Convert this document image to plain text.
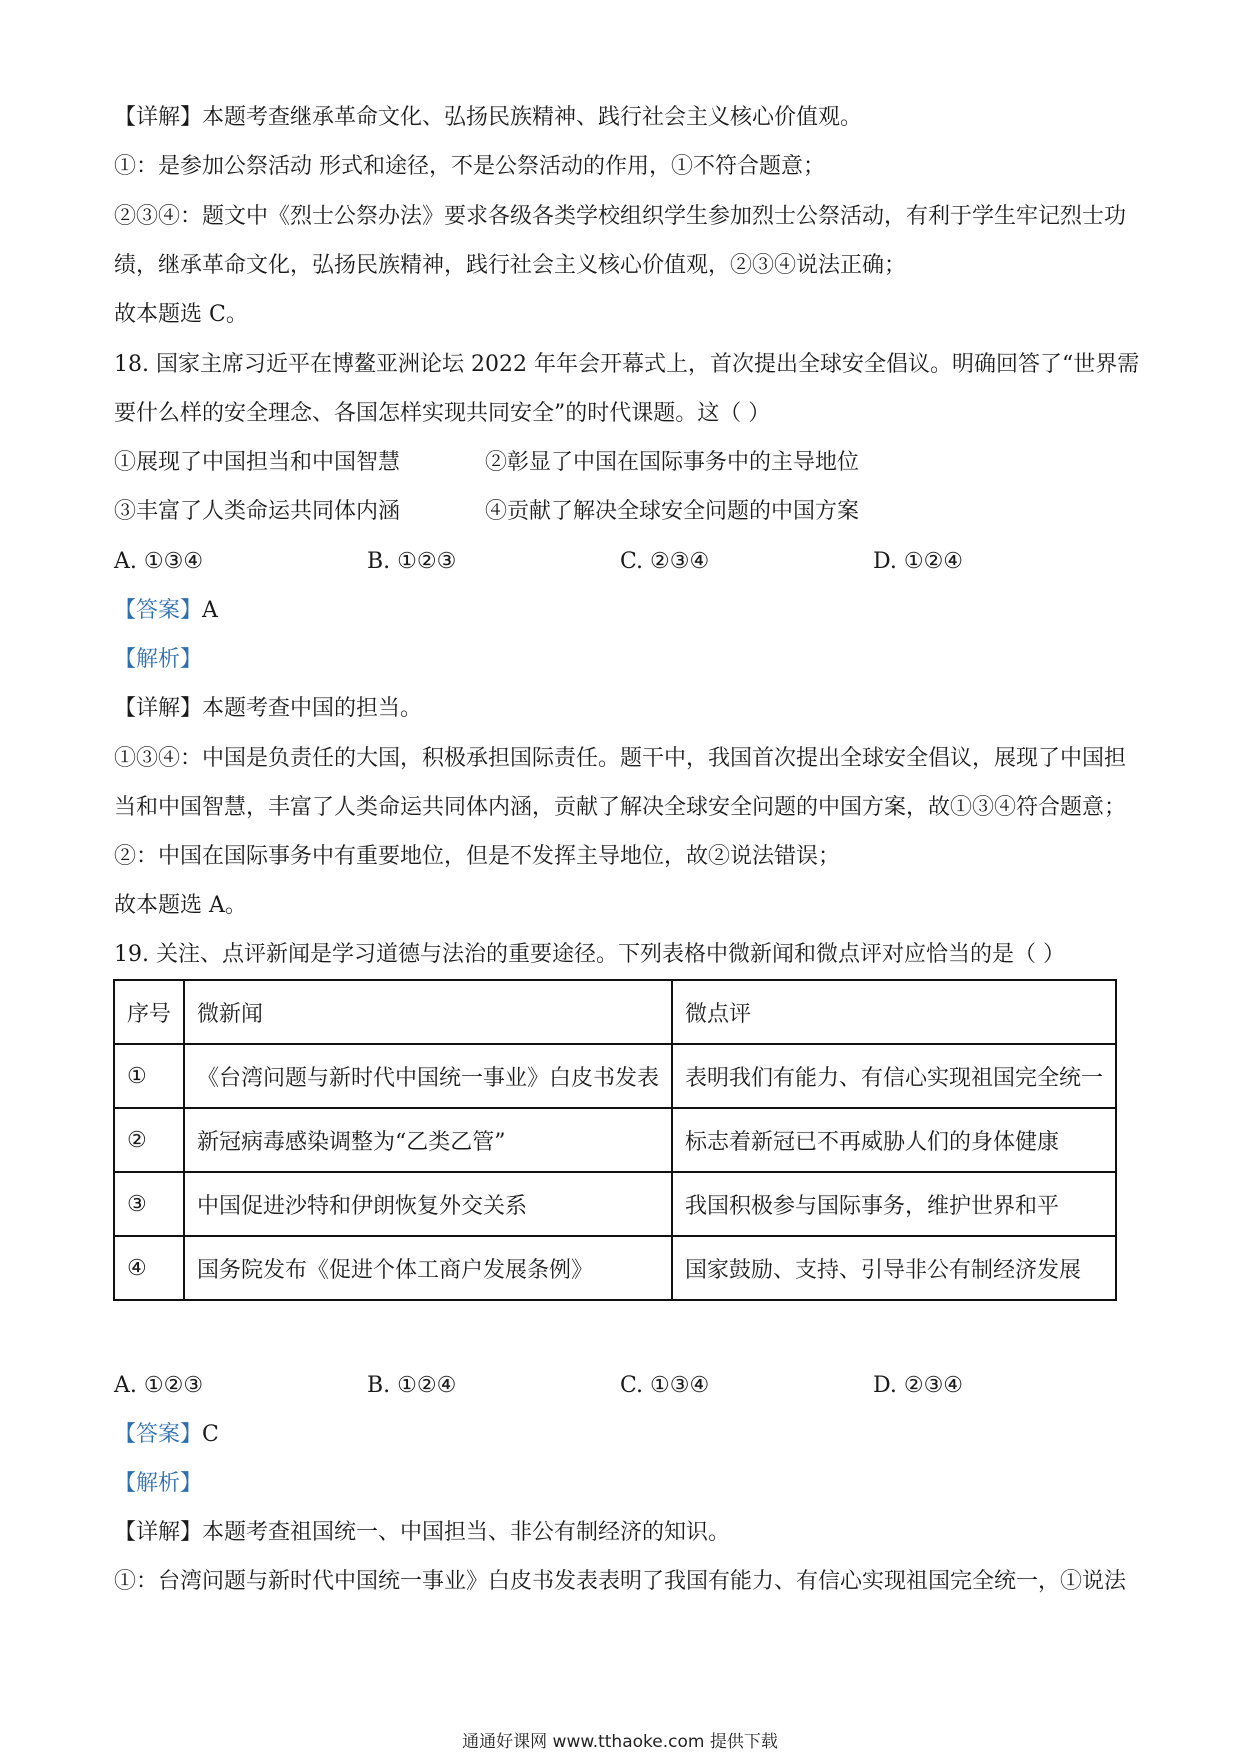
【详解】本题考查继承革命文化、弘扬民族精神、践行社会主义核心价值观。
①：是参加公祭活动 形式和途径，不是公祭活动的作用，①不符合题意；
②③④：题文中《烈士公祭办法》要求各级各类学校组织学生参加烈士公祭活动，有利于学生牢记烈士功
绩，继承革命文化，弘扬民族精神，践行社会主义核心价值观，②③④说法正确；
故本题选 C。
18. 国家主席习近平在博鳌亚洲论坛 2022 年年会开幕式上，首次提出全球安全倡议。明确回答了“世界需
要什么样的安全理念、各国怎样实现共同安全”的时代课题。这（ ）
①展现了中国担当和中国智慧	②彰显了中国在国际事务中的主导地位
③丰富了人类命运共同体内涵	④贡献了解决全球安全问题的中国方案
A. ①③④	B. ①②③	C. ②③④	D. ①②④
【答案】A
【解析】
【详解】本题考查中国的担当。
①③④：中国是负责任的大国，积极承担国际责任。题干中，我国首次提出全球安全倡议，展现了中国担
当和中国智慧，丰富了人类命运共同体内涵，贡献了解决全球安全问题的中国方案，故①③④符合题意；
②：中国在国际事务中有重要地位，但是不发挥主导地位，故②说法错误；
故本题选 A。
19. 关注、点评新闻是学习道德与法治的重要途径。下列表格中微新闻和微点评对应恰当的是（ ）
序号	微新闻	微点评
①	《台湾问题与新时代中国统一事业》白皮书发表	表明我们有能力、有信心实现祖国完全统一
②	新冠病毒感染调整为“乙类乙管”	标志着新冠已不再威胁人们的身体健康
③	中国促进沙特和伊朗恢复外交关系	我国积极参与国际事务，维护世界和平
④	国务院发布《促进个体工商户发展条例》	国家鼓励、支持、引导非公有制经济发展
A. ①②③	B. ①②④	C. ①③④	D. ②③④
【答案】C
【解析】
【详解】本题考查祖国统一、中国担当、非公有制经济的知识。
①：台湾问题与新时代中国统一事业》白皮书发表表明了我国有能力、有信心实现祖国完全统一，①说法
通通好课网 www.tthaoke.com 提供下载
